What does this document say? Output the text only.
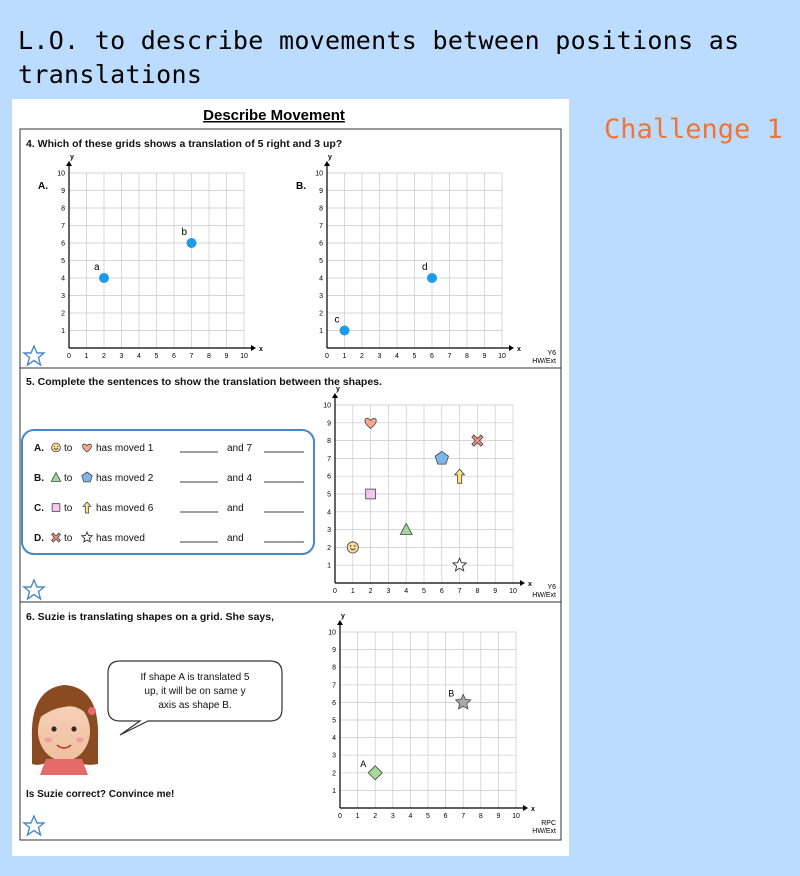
L.O. to describe movements between positions as translations
Challenge 1
Describe Movement
4. Which of these grids shows a translation of 5 right and 3 up?
A.	B.
x
y
0 1
1
2
2
3
3
4
4
5
5
6
6
7
7
8
8
9
9
10
10
a
b
x
y
0 1
1
2
2
3
3
4
4
5
5
6
6
7
7
8
8
9
9
10
10
c
d
5. Complete the sentences to show the translation between the shapes.
A. to has moved 1	and 7
B. to has moved 2	and 4
C. to has moved 6	and
D. to has moved	and
x
y
0 1
1
2
2
3
3
4
4
5
5
6
6
7
7
8
8
9
9
10
10
6. Suzie is translating shapes on a grid. She says,
If shape A is translated 5
up, it will be on same y
axis as shape B.
Is Suzie correct? Convince me!
x
y
0 1
1
2
2
3
3
4
4
5
5
6
6
7
7
8
8
9
9
10
10
A
B
Y6
HW/Ext
Y6
HW/Ext
RPC
HW/Ext
